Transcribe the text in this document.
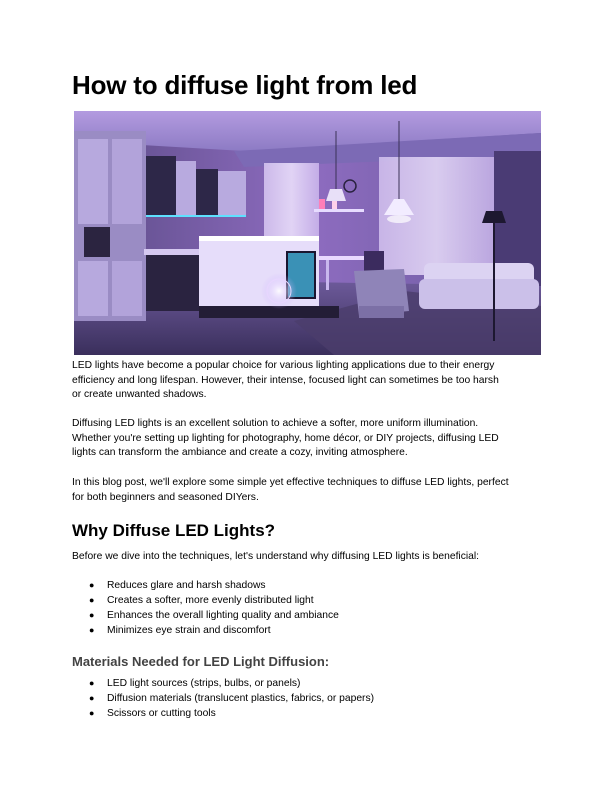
How to diffuse light from led

LED lights have become a popular choice for various lighting applications due to their energy
efficiency and long lifespan. However, their intense, focused light can sometimes be too harsh
or create unwanted shadows.

Diffusing LED lights is an excellent solution to achieve a softer, more uniform illumination.
Whether you're setting up lighting for photography, home décor, or DIY projects, diffusing LED
lights can transform the ambiance and create a cozy, inviting atmosphere.

In this blog post, we'll explore some simple yet effective techniques to diffuse LED lights, perfect
for both beginners and seasoned DIYers.

Why Diffuse LED Lights?

Before we dive into the techniques, let's understand why diffusing LED lights is beneficial:

● Reduces glare and harsh shadows
● Creates a softer, more evenly distributed light
● Enhances the overall lighting quality and ambiance
● Minimizes eye strain and discomfort
Materials Needed for LED Light Diffusion:
● LED light sources (strips, bulbs, or panels)
● Diffusion materials (translucent plastics, fabrics, or papers)
● Scissors or cutting tools
